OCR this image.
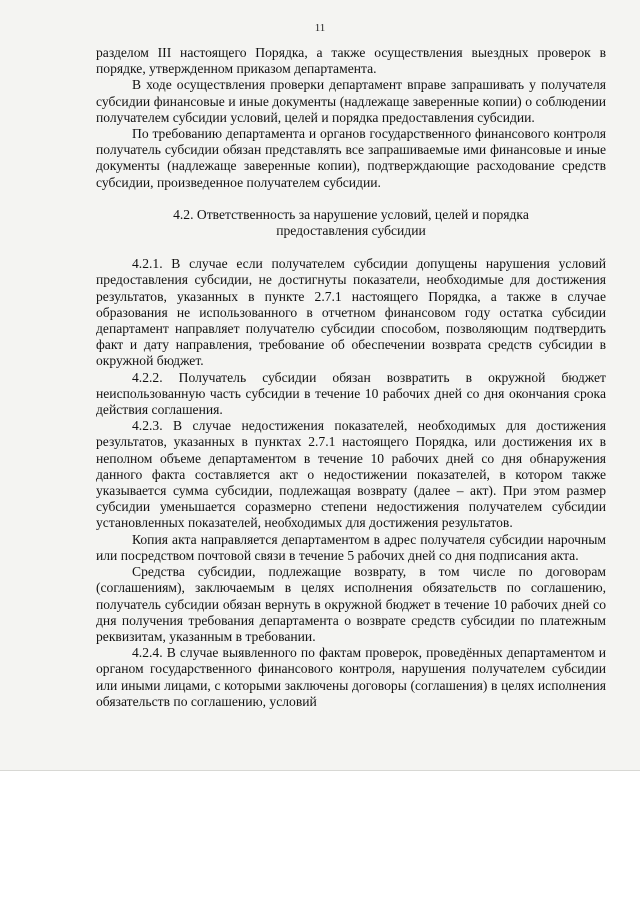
11

разделом III настоящего Порядка, а также осуществления выездных проверок в порядке, утвержденном приказом департамента.

В ходе осуществления проверки департамент вправе запрашивать у получателя субсидии финансовые и иные документы (надлежаще заверенные копии) о соблюдении получателем субсидии условий, целей и порядка предоставления субсидии.

По требованию департамента и органов государственного финансового контроля получатель субсидии обязан представлять все запрашиваемые ими финансовые и иные документы (надлежаще заверенные копии), подтверждающие расходование средств субсидии, произведенное получателем субсидии.

4.2. Ответственность за нарушение условий, целей и порядка
предоставления субсидии

4.2.1. В случае если получателем субсидии допущены нарушения условий предоставления субсидии, не достигнуты показатели, необходимые для достижения результатов, указанных в пункте 2.7.1 настоящего Порядка, а также в случае образования не использованного в отчетном финансовом году остатка субсидии департамент направляет получателю субсидии способом, позволяющим подтвердить факт и дату направления, требование об обеспечении возврата средств субсидии в окружной бюджет.

4.2.2. Получатель субсидии обязан возвратить в окружной бюджет неиспользованную часть субсидии в течение 10 рабочих дней со дня окончания срока действия соглашения.

4.2.3. В случае недостижения показателей, необходимых для достижения результатов, указанных в пунктах 2.7.1 настоящего Порядка, или достижения их в неполном объеме департаментом в течение 10 рабочих дней со дня обнаружения данного факта составляется акт о недостижении показателей, в котором также указывается сумма субсидии, подлежащая возврату (далее – акт). При этом размер субсидии уменьшается соразмерно степени недостижения получателем субсидии установленных показателей, необходимых для достижения результатов.

Копия акта направляется департаментом в адрес получателя субсидии нарочным или посредством почтовой связи в течение 5 рабочих дней со дня подписания акта.

Средства субсидии, подлежащие возврату, в том числе по договорам (соглашениям), заключаемым в целях исполнения обязательств по соглашению, получатель субсидии обязан вернуть в окружной бюджет в течение 10 рабочих дней со дня получения требования департамента о возврате средств субсидии по платежным реквизитам, указанным в требовании.

4.2.4. В случае выявленного по фактам проверок, проведённых департаментом и органом государственного финансового контроля, нарушения получателем субсидии или иными лицами, с которыми заключены договоры (соглашения) в целях исполнения обязательств по соглашению, условий
